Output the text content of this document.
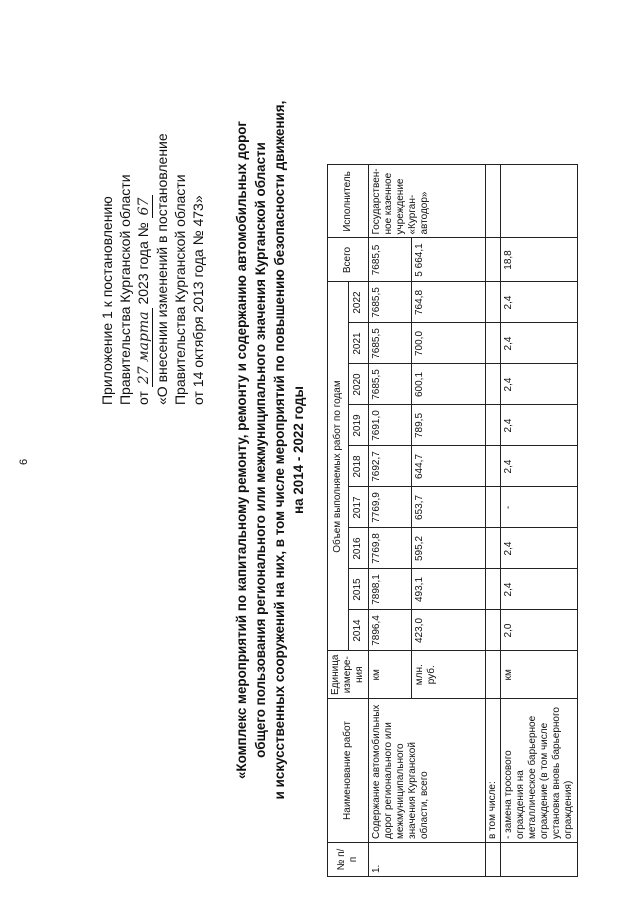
6
Приложение 1 к постановлению Правительства Курганской области от 27 марта 2023 года № 67 «О внесении изменений в постановление Правительства Курганской области от 14 октября 2013 года № 473» «Комплекс мероприятий по капитальному ремонту, ремонту и содержанию автомобильных дорог общего пользования регионального или межмуниципального значения Курганской области и искусственных сооружений на них, в том числе мероприятий по повышению безопасности движения, на 2014 - 2022 годы
№ п/п	Наименование работ	Единица измере-ния	Объем выполняемых работ по годам									Всего	Исполнитель
			2014	2015	2016	2017	2018	2019	2020	2021	2022		
1.	Содержание автомобильных дорог регионального или межмуниципального значения Курганской области, всего	км	7896,4	7898,1	7769,8	7769,9	7692,7	7691,0	7685,5	7685,5	7685,5	7685,5	Государствен-ное казенное учреждение «Курган-автодор»
		млн. руб.	423,0	493,1	595,2	653,7	644,7	789,5	600,1	700,0	764,8	5 664,1	
	в том числе:												
	- замена тросового ограждения на металлическое барьерное ограждение (в том числе установка вновь барьерного ограждения)	км	2,0	2,4	2,4	-	2,4	2,4	2,4	2,4	2,4	18,8	
